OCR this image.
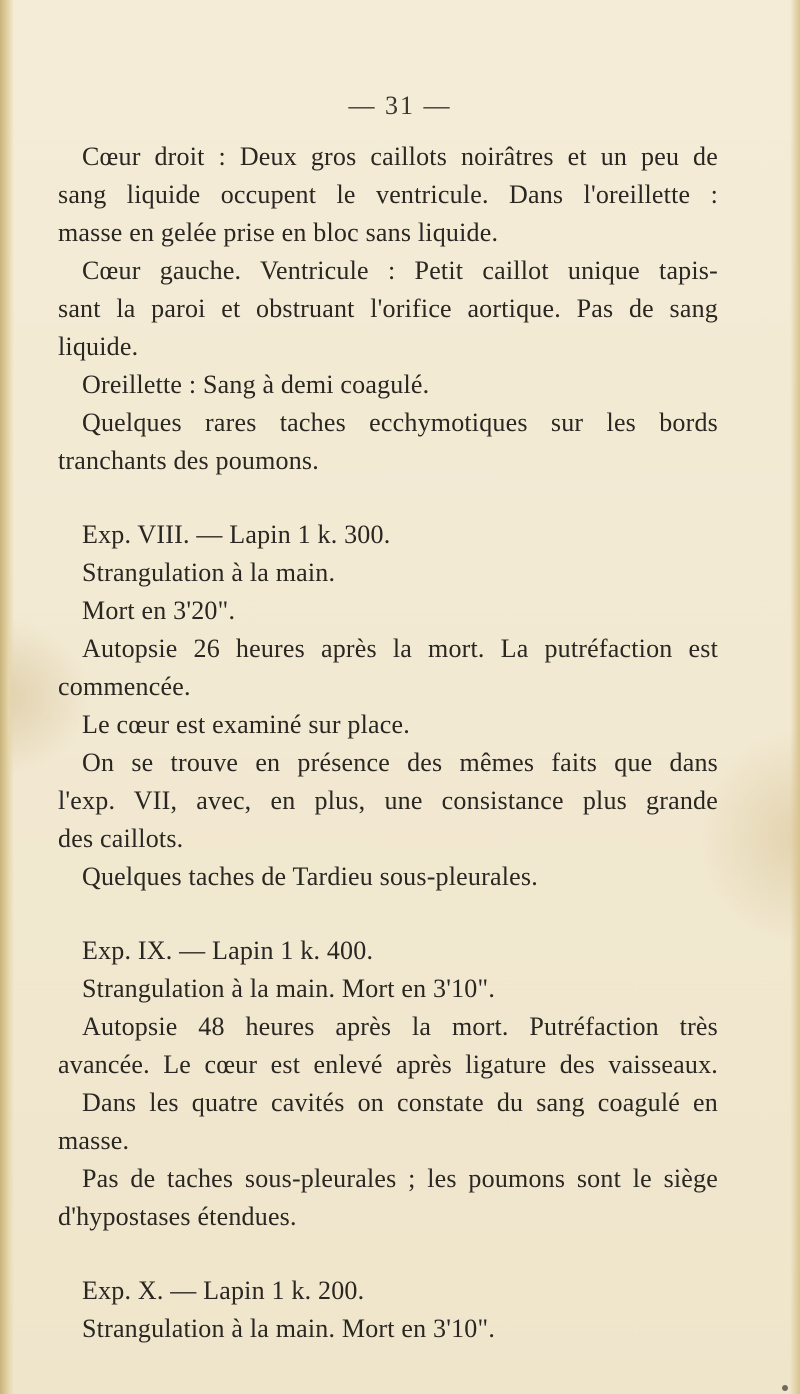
— 31 —
Cœur droit : Deux gros caillots noirâtres et un peu de
sang liquide occupent le ventricule. Dans l'oreillette :
masse en gelée prise en bloc sans liquide.
Cœur gauche. Ventricule : Petit caillot unique tapis-
sant la paroi et obstruant l'orifice aortique. Pas de sang
liquide.
Oreillette : Sang à demi coagulé.
Quelques rares taches ecchymotiques sur les bords
tranchants des poumons.
Exp. VIII. — Lapin 1 k. 300.
Strangulation à la main.
Mort en 3'20".
Autopsie 26 heures après la mort. La putréfaction est
commencée.
Le cœur est examiné sur place.
On se trouve en présence des mêmes faits que dans
l'exp. VII, avec, en plus, une consistance plus grande
des caillots.
Quelques taches de Tardieu sous-pleurales.
Exp. IX. — Lapin 1 k. 400.
Strangulation à la main. Mort en 3'10".
Autopsie 48 heures après la mort. Putréfaction très
avancée. Le cœur est enlevé après ligature des vaisseaux.
Dans les quatre cavités on constate du sang coagulé en
masse.
Pas de taches sous-pleurales ; les poumons sont le siège
d'hypostases étendues.
Exp. X. — Lapin 1 k. 200.
Strangulation à la main. Mort en 3'10".
